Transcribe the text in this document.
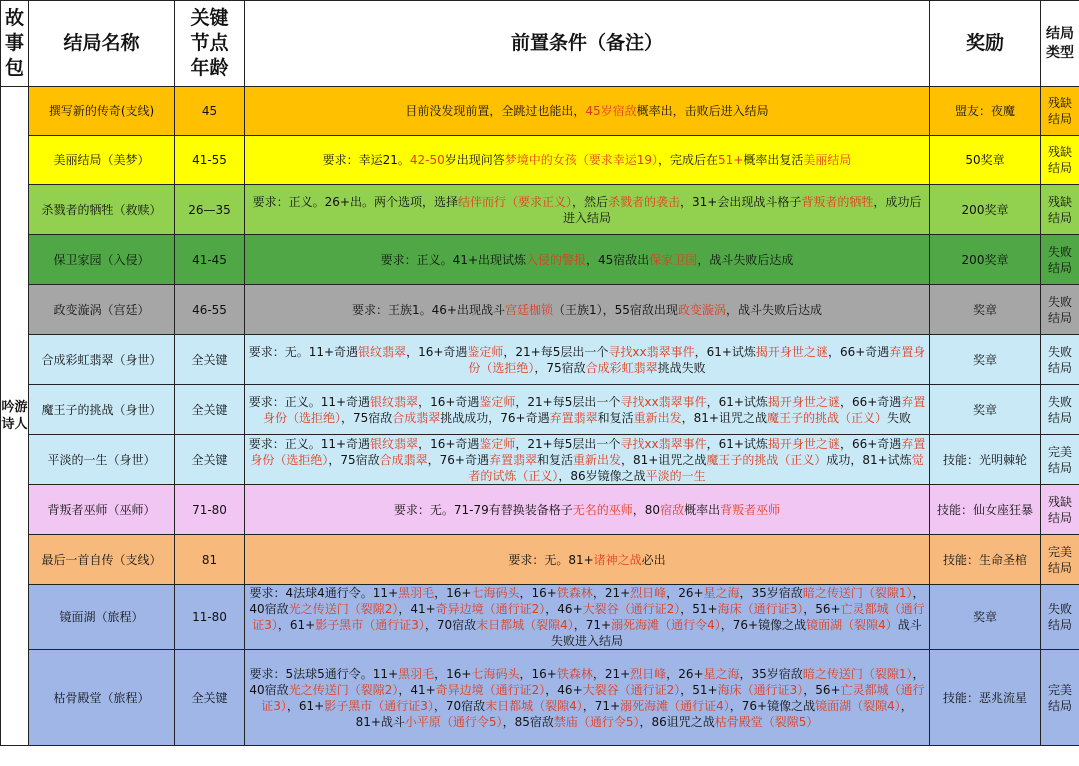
故事包	结局名称	关键节点年龄	前置条件（备注）	奖励	结局类型
吟游诗人	撰写新的传奇(支线)	45	目前没发现前置，全跳过也能出，45岁宿敌概率出，击败后进入结局	盟友：夜魔	残缺结局
	美丽结局（美梦）	41-55	要求：幸运21。42-50岁出现问答梦境中的女孩（要求幸运19），完成后在51+概率出复活美丽结局	50奖章	残缺结局
	杀戮者的牺牲（救赎）	26—35	要求：正义。26+出。两个选项，选择结伴而行（要求正义），然后杀戮者的袭击，31+会出现战斗格子背叛者的牺牲，成功后进入结局	200奖章	残缺结局
	保卫家园（入侵）	41-45	要求：正义。41+出现试炼入侵的警报，45宿敌出保家卫国，战斗失败后达成	200奖章	失败结局
	政变漩涡（宫廷）	46-55	要求：王族1。46+出现战斗宫廷枷锁（王族1），55宿敌出现政变漩涡，战斗失败后达成	奖章	失败结局
	合成彩虹翡翠（身世）	全关键	要求：无。11+奇遇银纹翡翠，16+奇遇鉴定师，21+每5层出一个寻找xx翡翠事件，61+试炼揭开身世之谜，66+奇遇弃置身份（选拒绝），75宿敌合成彩虹翡翠挑战失败	奖章	失败结局
	魔王子的挑战（身世）	全关键	要求：正义。11+奇遇银纹翡翠，16+奇遇鉴定师，21+每5层出一个寻找xx翡翠事件，61+试炼揭开身世之谜，66+奇遇弃置身份（选拒绝），75宿敌合成翡翠挑战成功，76+奇遇弃置翡翠和复活重新出发，81+诅咒之战魔王子的挑战（正义）失败	奖章	失败结局
	平淡的一生（身世）	全关键	要求：正义。11+奇遇银纹翡翠，16+奇遇鉴定师，21+每5层出一个寻找xx翡翠事件，61+试炼揭开身世之谜，66+奇遇弃置身份（选拒绝），75宿敌合成翡翠，76+奇遇弃置翡翠和复活重新出发，81+诅咒之战魔王子的挑战（正义）成功，81+试炼觉者的试炼（正义），86岁镜像之战平淡的一生	技能：光明棘轮	完美结局
	背叛者巫师（巫师）	71-80	要求：无。71-79有替换装备格子无名的巫师，80宿敌概率出背叛者巫师	技能：仙女座狂暴	残缺结局
	最后一首自传（支线）	81	要求：无。81+诸神之战必出	技能：生命圣棺	完美结局
	镜面湖（旅程）	11-80	要求：4法球4通行令。11+黑羽毛，16+七海码头，16+铁森林，21+烈日峰，26+星之海，35岁宿敌暗之传送门（裂隙1），40宿敌光之传送门（裂隙2），41+奇异边境（通行证2），46+大裂谷（通行证2），51+海床（通行证3），56+亡灵都城（通行证3），61+影子黑市（通行证3），70宿敌末日都城（裂隙4），71+溺死海滩（通行令4），76+镜像之战镜面湖（裂隙4）战斗失败进入结局	奖章	失败结局
	枯骨殿堂（旅程）	全关键	要求：5法球5通行令。11+黑羽毛，16+七海码头，16+铁森林，21+烈日峰，26+星之海，35岁宿敌暗之传送门（裂隙1），40宿敌光之传送门（裂隙2），41+奇异边境（通行证2），46+大裂谷（通行证2），51+海床（通行证3），56+亡灵都城（通行证3），61+影子黑市（通行证3），70宿敌末日都城（裂隙4），71+溺死海滩（通行证4），76+镜像之战镜面湖（裂隙4），81+战斗小平原（通行令5），85宿敌禁庙（通行令5），86诅咒之战枯骨殿堂（裂隙5）	技能：恶兆流星	完美结局
